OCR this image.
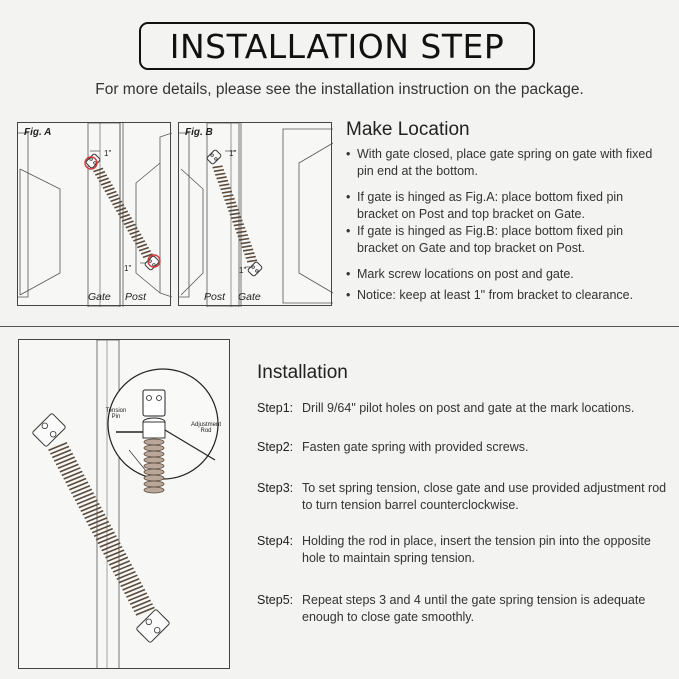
INSTALLATION STEP
For more details, please see the installation instruction on the package.
Fig. A
1"
1"
Gate Post
Fig. B
1"
1"
Post Gate
Make Location
• With gate closed, place gate spring on gate with fixed pin end at the bottom.
• If gate is hinged as Fig.A: place bottom fixed pin bracket on Post and top bracket on Gate.
• If gate is hinged as Fig.B: place bottom fixed pin bracket on Gate and top bracket on Post.
• Mark screw locations on post and gate.
• Notice: keep at least 1" from bracket to clearance.
Tension Pin
Adjustment Rod
Installation
Step1: Drill 9/64" pilot holes on post and gate at the mark locations.
Step2: Fasten gate spring with provided screws.
Step3: To set spring tension, close gate and use provided adjustment rod to turn tension barrel counterclockwise.
Step4: Holding the rod in place, insert the tension pin into the opposite hole to maintain spring tension.
Step5: Repeat steps 3 and 4 until the gate spring tension is adequate enough to close gate smoothly.
